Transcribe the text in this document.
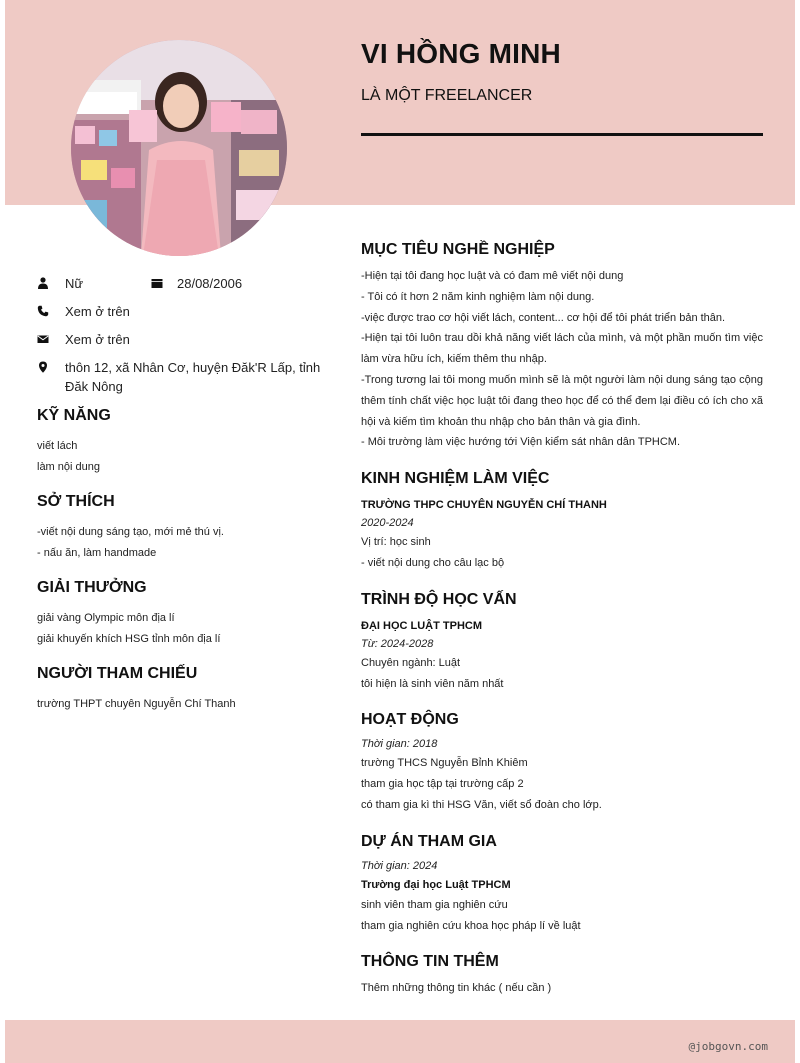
VI HỒNG MINH
LÀ MỘT FREELANCER
Nữ	28/08/2006
Xem ở trên
Xem ở trên
thôn 12, xã Nhân Cơ, huyện Đăk'R Lấp, tỉnh Đăk Nông
KỸ NĂNG
viết lách
làm nội dung
SỞ THÍCH
-viết nội dung sáng tạo, mới mẻ thú vị.
- nấu ăn, làm handmade
GIẢI THƯỞNG
giải vàng Olympic môn địa lí
giải khuyến khích HSG tỉnh môn địa lí
NGƯỜI THAM CHIẾU
trường THPT chuyên Nguyễn Chí Thanh
MỤC TIÊU NGHỀ NGHIỆP
-Hiện tại tôi đang học luật và có đam mê viết nội dung
- Tôi có ít hơn 2 năm kinh nghiệm làm nội dung.
-việc được trao cơ hội viết lách, content... cơ hội để tôi phát triển bản thân.
-Hiện tại tôi luôn trau dồi khả năng viết lách của mình, và một phần muốn tìm việc làm vừa hữu ích, kiếm thêm thu nhập.
-Trong tương lai tôi mong muốn mình sẽ là một người làm nội dung sáng tạo cộng thêm tính chất việc học luật tôi đang theo học để có thể đem lại điều có ích cho xã hội và kiếm tìm khoản thu nhập cho bản thân và gia đình.
- Môi trường làm việc hướng tới Viện kiểm sát nhân dân TPHCM.
KINH NGHIỆM LÀM VIỆC
TRƯỜNG THPC CHUYÊN NGUYỄN CHÍ THANH
2020-2024
Vị trí: học sinh
- viết nội dung cho câu lạc bộ
TRÌNH ĐỘ HỌC VẤN
ĐẠI HỌC LUẬT TPHCM
Từ: 2024-2028
Chuyên ngành: Luật
tôi hiện là sinh viên năm nhất
HOẠT ĐỘNG
Thời gian: 2018
trường THCS Nguyễn Bỉnh Khiêm
tham gia học tập tại trường cấp 2
có tham gia kì thi HSG Văn, viết sổ đoàn cho lớp.
DỰ ÁN THAM GIA
Thời gian: 2024
Trường đại học Luật TPHCM
sinh viên tham gia nghiên cứu
tham gia nghiên cứu khoa học pháp lí về luật
THÔNG TIN THÊM
Thêm những thông tin khác ( nếu cần )
@jobgovn.com
